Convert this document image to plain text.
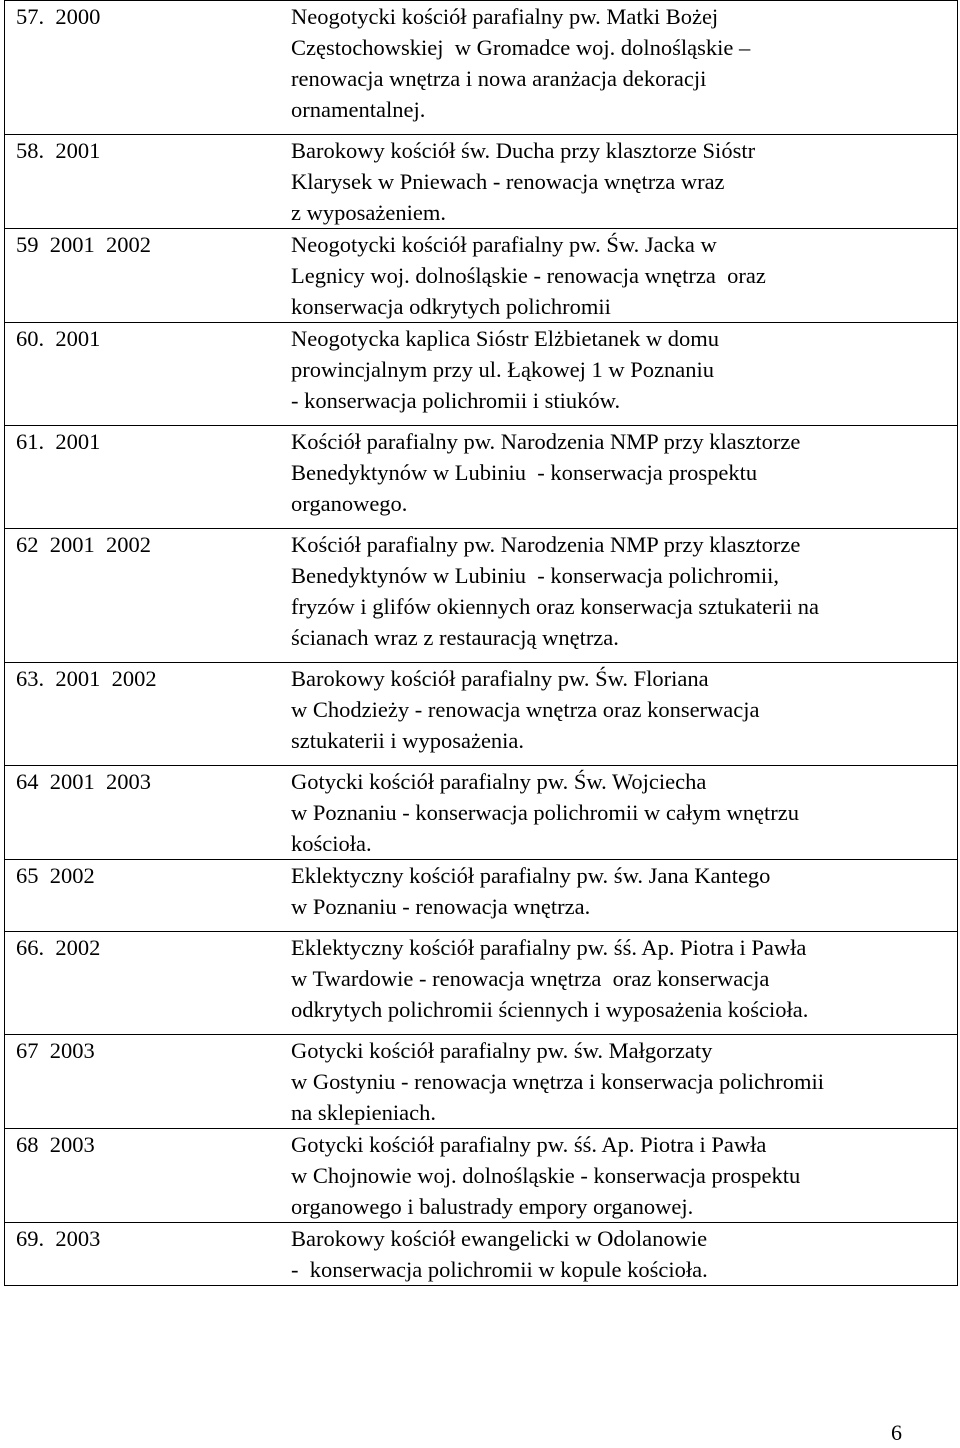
57.  2000	Neogotycki kościół parafialny pw. Matki Bożej
Częstochowskiej  w Gromadce woj. dolnośląskie –
renowacja wnętrza i nowa aranżacja dekoracji
ornamentalnej.

58.  2001	Barokowy kościół św. Ducha przy klasztorze Sióstr
Klarysek w Pniewach - renowacja wnętrza wraz
z wyposażeniem.

59  2001  2002	Neogotycki kościół parafialny pw. Św. Jacka w
Legnicy woj. dolnośląskie - renowacja wnętrza  oraz
konserwacja odkrytych polichromii

60.  2001	Neogotycka kaplica Sióstr Elżbietanek w domu
prowincjalnym przy ul. Łąkowej 1 w Poznaniu
- konserwacja polichromii i stiuków.

61.  2001	Kościół parafialny pw. Narodzenia NMP przy klasztorze
Benedyktynów w Lubiniu  - konserwacja prospektu
organowego.

62  2001  2002	Kościół parafialny pw. Narodzenia NMP przy klasztorze
Benedyktynów w Lubiniu  - konserwacja polichromii,
fryzów i glifów okiennych oraz konserwacja sztukaterii na
ścianach wraz z restauracją wnętrza.

63.  2001  2002	Barokowy kościół parafialny pw. Św. Floriana
w Chodzieży - renowacja wnętrza oraz konserwacja
sztukaterii i wyposażenia.

64  2001  2003	Gotycki kościół parafialny pw. Św. Wojciecha
w Poznaniu - konserwacja polichromii w całym wnętrzu
kościoła.

65  2002	Eklektyczny kościół parafialny pw. św. Jana Kantego
w Poznaniu - renowacja wnętrza.

66.  2002	Eklektyczny kościół parafialny pw. śś. Ap. Piotra i Pawła
w Twardowie - renowacja wnętrza  oraz konserwacja
odkrytych polichromii ściennych i wyposażenia kościoła.

67  2003	Gotycki kościół parafialny pw. św. Małgorzaty
w Gostyniu - renowacja wnętrza i konserwacja polichromii
na sklepieniach.

68  2003	Gotycki kościół parafialny pw. śś. Ap. Piotra i Pawła
w Chojnowie woj. dolnośląskie - konserwacja prospektu
organowego i balustrady empory organowej.

69.  2003	Barokowy kościół ewangelicki w Odolanowie
-  konserwacja polichromii w kopule kościoła.
6
